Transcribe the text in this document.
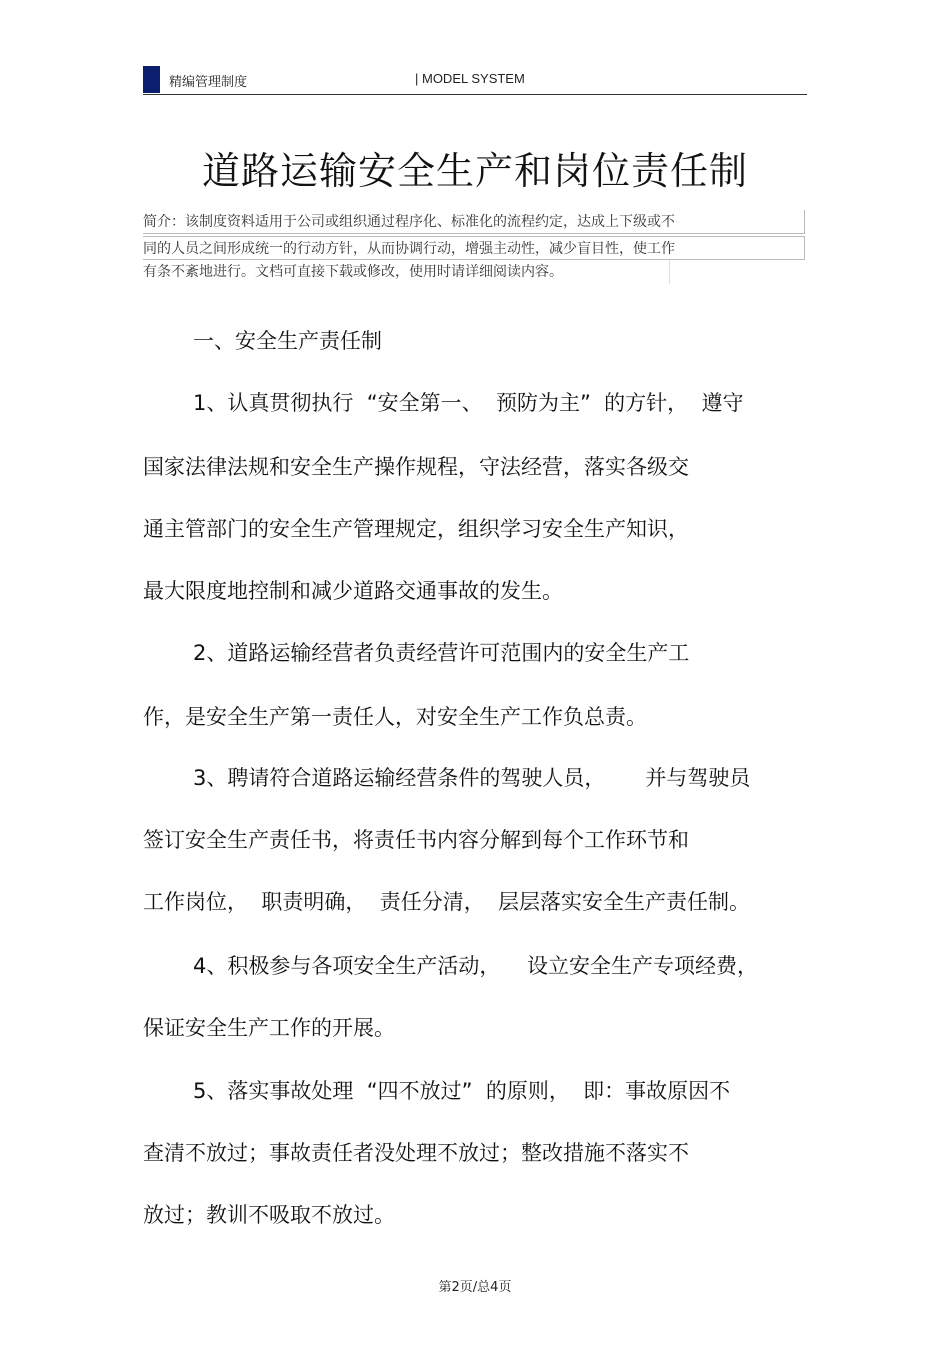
精编管理制度	| MODEL SYSTEM
道路运输安全生产和岗位责任制
简介：该制度资料适用于公司或组织通过程序化、标准化的流程约定，达成上下级或不
同的人员之间形成统一的行动方针，从而协调行动，增强主动性，减少盲目性，使工作
有条不紊地进行。文档可直接下载或修改，使用时请详细阅读内容。
一、安全生产责任制
1、认真贯彻执行  “安全第一、  预防为主”  的方针，  遵守
国家法律法规和安全生产操作规程，守法经营，落实各级交
通主管部门的安全生产管理规定，组织学习安全生产知识，
最大限度地控制和减少道路交通事故的发生。
2、道路运输经营者负责经营许可范围内的安全生产工
作，是安全生产第一责任人，对安全生产工作负总责。
3、聘请符合道路运输经营条件的驾驶人员，      并与驾驶员
签订安全生产责任书，将责任书内容分解到每个工作环节和
工作岗位，  职责明确，  责任分清，  层层落实安全生产责任制。
4、积极参与各项安全生产活动，    设立安全生产专项经费，
保证安全生产工作的开展。
5、落实事故处理  “四不放过”  的原则，  即：事故原因不
查清不放过；事故责任者没处理不放过；整改措施不落实不
放过；教训不吸取不放过。
第2页/总4页
